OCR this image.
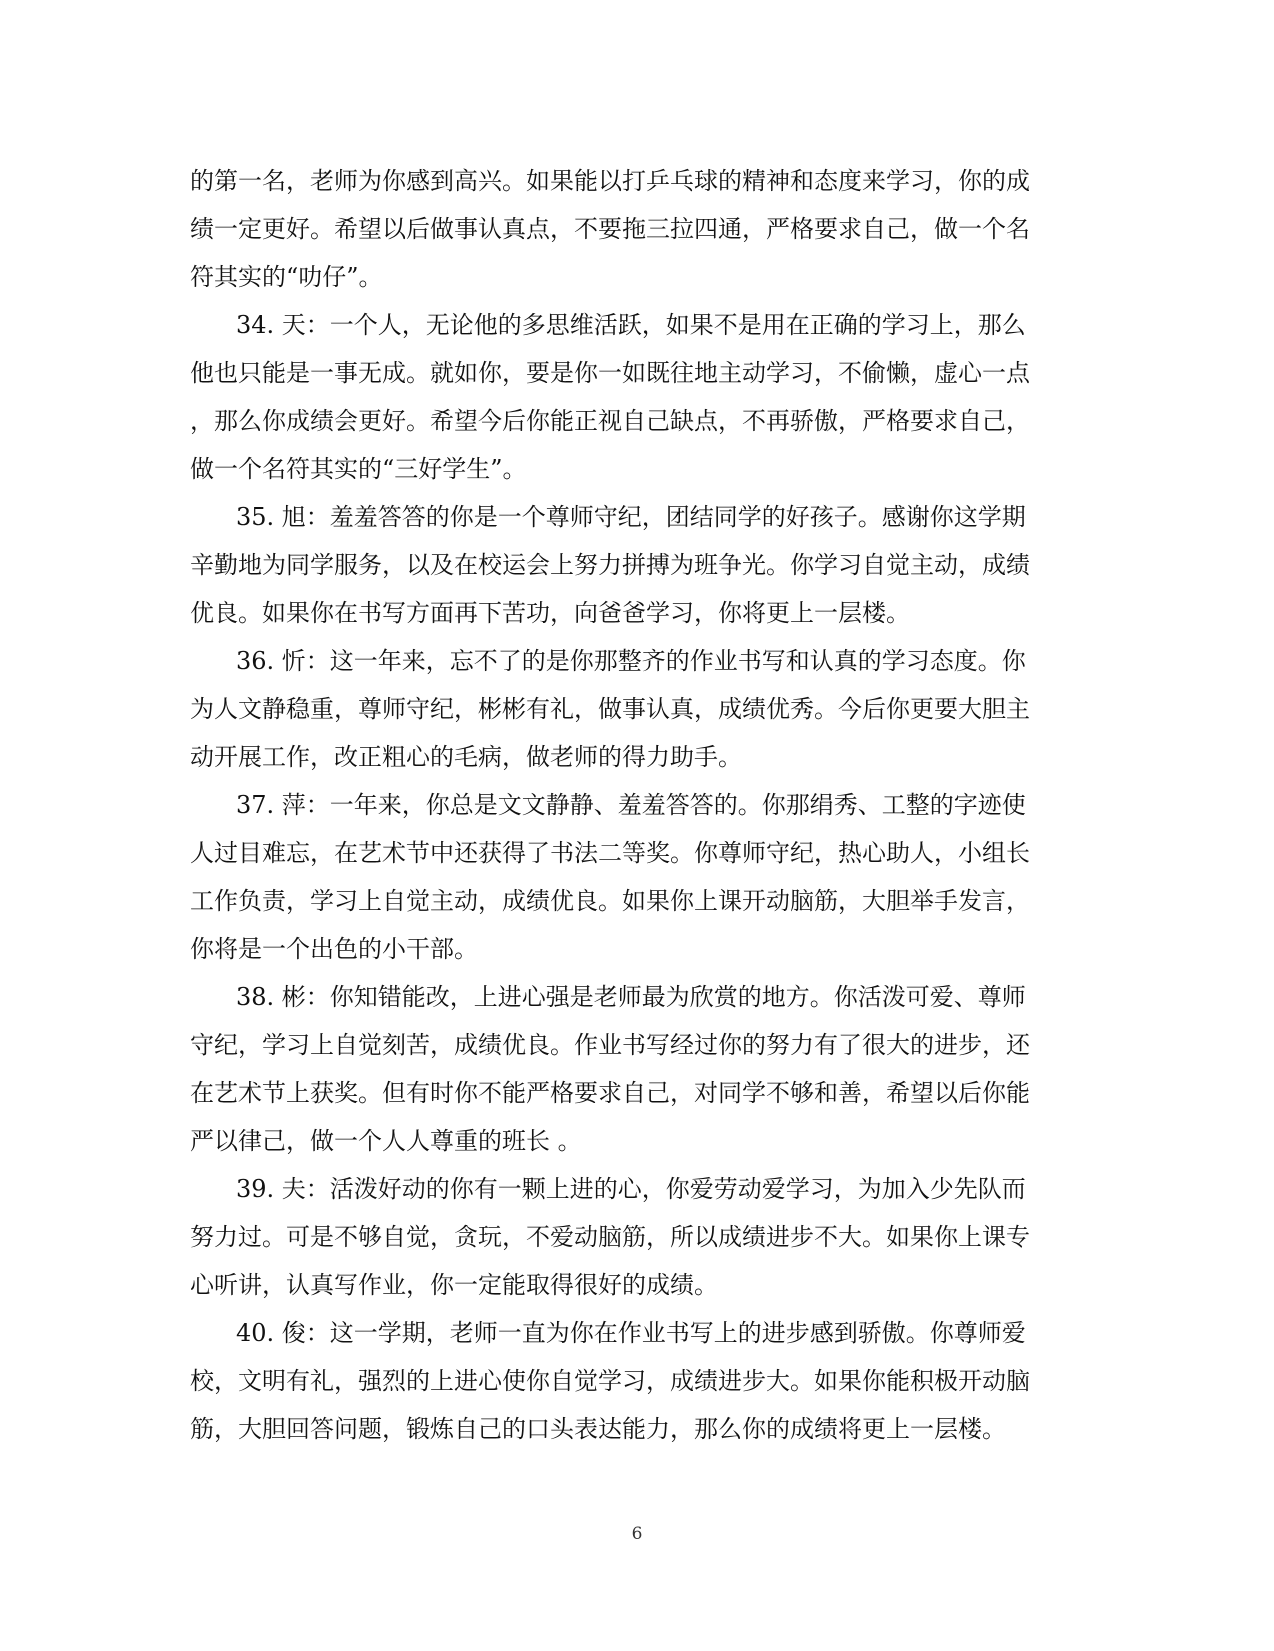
的第一名，老师为你感到高兴。如果能以打乒乓球的精神和态度来学习，你的成
绩一定更好。希望以后做事认真点，不要拖三拉四通，严格要求自己，做一个名
符其实的“叻仔”。
34. 天：一个人，无论他的多思维活跃，如果不是用在正确的学习上，那么
他也只能是一事无成。就如你，要是你一如既往地主动学习，不偷懒，虚心一点
，那么你成绩会更好。希望今后你能正视自己缺点，不再骄傲，严格要求自己，
做一个名符其实的“三好学生”。
35. 旭：羞羞答答的你是一个尊师守纪，团结同学的好孩子。感谢你这学期
辛勤地为同学服务，以及在校运会上努力拼搏为班争光。你学习自觉主动，成绩
优良。如果你在书写方面再下苦功，向爸爸学习，你将更上一层楼。
36. 忻：这一年来，忘不了的是你那整齐的作业书写和认真的学习态度。你
为人文静稳重，尊师守纪，彬彬有礼，做事认真，成绩优秀。今后你更要大胆主
动开展工作，改正粗心的毛病，做老师的得力助手。
37. 萍：一年来，你总是文文静静、羞羞答答的。你那绢秀、工整的字迹使
人过目难忘，在艺术节中还获得了书法二等奖。你尊师守纪，热心助人，小组长
工作负责，学习上自觉主动，成绩优良。如果你上课开动脑筋，大胆举手发言，
你将是一个出色的小干部。
38. 彬：你知错能改，上进心强是老师最为欣赏的地方。你活泼可爱、尊师
守纪，学习上自觉刻苦，成绩优良。作业书写经过你的努力有了很大的进步，还
在艺术节上获奖。但有时你不能严格要求自己，对同学不够和善，希望以后你能
严以律己，做一个人人尊重的班长 。
39. 夫：活泼好动的你有一颗上进的心，你爱劳动爱学习，为加入少先队而
努力过。可是不够自觉，贪玩，不爱动脑筋，所以成绩进步不大。如果你上课专
心听讲，认真写作业，你一定能取得很好的成绩。
40. 俊：这一学期，老师一直为你在作业书写上的进步感到骄傲。你尊师爱
校，文明有礼，强烈的上进心使你自觉学习，成绩进步大。如果你能积极开动脑
筋，大胆回答问题，锻炼自己的口头表达能力，那么你的成绩将更上一层楼。
6
